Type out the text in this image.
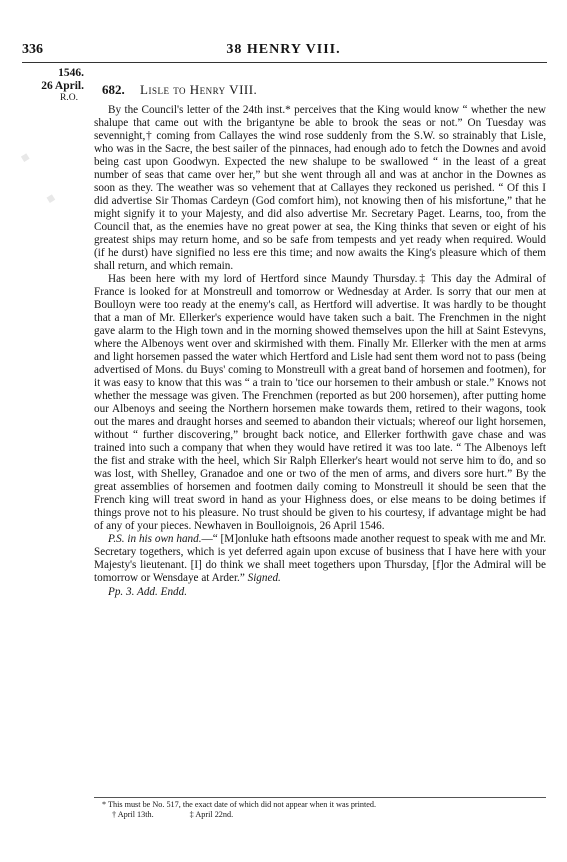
■      ■
■      ■
336	38 HENRY VIII.
1546.
26 April.
R.O.
682. Lisle to Henry VIII.

By the Council's letter of the 24th inst.* perceives that the King would know “ whether the new shalupe that came out with the brigantyne be able to brook the seas or not.” On Tuesday was sevennight,† coming from Callayes the wind rose suddenly from the S.W. so strainably that Lisle, who was in the Sacre, the best sailer of the pinnaces, had enough ado to fetch the Downes and avoid being cast upon Goodwyn. Expected the new shalupe to be swallowed “ in the least of a great number of seas that came over her,” but she went through all and was at anchor in the Downes as soon as they. The weather was so vehement that at Callayes they reckoned us perished. “ Of this I did advertise Sir Thomas Cardeyn (God comfort him), not knowing then of his misfortune,” that he might signify it to your Majesty, and did also advertise Mr. Secretary Paget. Learns, too, from the Council that, as the enemies have no great power at sea, the King thinks that seven or eight of his greatest ships may return home, and so be safe from tempests and yet ready when required. Would (if he durst) have signified no less ere this time; and now awaits the King's pleasure which of them shall return, and which remain.

Has been here with my lord of Hertford since Maundy Thursday.‡ This day the Admiral of France is looked for at Monstreull and tomorrow or Wednesday at Arder. Is sorry that our men at Boulloyn were too ready at the enemy's call, as Hertford will advertise. It was hardly to be thought that a man of Mr. Ellerker's experience would have taken such a bait. The Frenchmen in the night gave alarm to the High town and in the morning showed themselves upon the hill at Saint Estevyns, where the Albenoys went over and skirmished with them. Finally Mr. Ellerker with the men at arms and light horsemen passed the water which Hertford and Lisle had sent them word not to pass (being advertised of Mons. du Buys' coming to Monstreull with a great band of horsemen and footmen), for it was easy to know that this was “ a train to 'tice our horsemen to their ambush or stale.” Knows not whether the message was given. The Frenchmen (reported as but 200 horsemen), after putting home our Albenoys and seeing the Northern horsemen make towards them, retired to their wagons, took out the mares and draught horses and seemed to abandon their victuals; whereof our light horsemen, without “ further discovering,” brought back notice, and Ellerker forthwith gave chase and was trained into such a company that when they would have retired it was too late. “ The Albenoys left the fist and strake with the heel, which Sir Ralph Ellerker's heart would not serve him to do, and so was lost, with Shelley, Granadoe and one or two of the men of arms, and divers sore hurt.” By the great assemblies of horsemen and footmen daily coming to Monstreull it should be seen that the French king will treat sword in hand as your Highness does, or else means to be doing betimes if things prove not to his pleasure. No trust should be given to his courtesy, if advantage might be had of any of your pieces. Newhaven in Boulloignois, 26 April 1546.

P.S. in his own hand.—“ [M]onluke hath eftsoons made another request to speak with me and Mr. Secretary togethers, which is yet deferred again upon excuse of business that I have here with your Majesty's lieutenant. [I] do think we shall meet togethers upon Thursday, [f]or the Admiral will be tomorrow or Wensdaye at Arder.” Signed.

Pp. 3. Add. Endd.

* This must be No. 517, the exact date of which did not appear when it was printed.
† April 13th.	‡ April 22nd.
